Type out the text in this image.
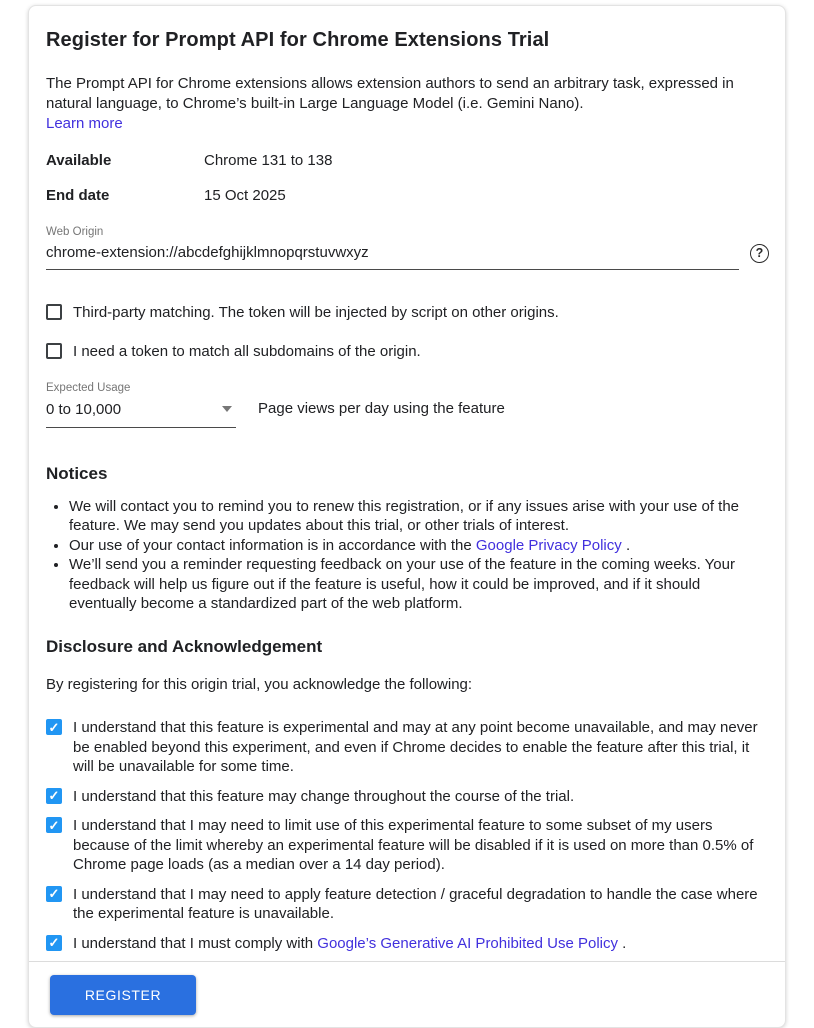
Register for Prompt API for Chrome Extensions Trial

The Prompt API for Chrome extensions allows extension authors to send an arbitrary task, expressed in natural language, to Chrome’s built-in Large Language Model (i.e. Gemini Nano).

Learn more
Available	Chrome 131 to 138
End date	15 Oct 2025
Web Origin
chrome-extension://abcdefghijklmnopqrstuvwxyz
?
Third-party matching. The token will be injected by script on other origins.
I need a token to match all subdomains of the origin.
Expected Usage
0 to 10,000	Page views per day using the feature
Notices
• We will contact you to remind you to renew this registration, or if any issues arise with your use of the feature. We may send you updates about this trial, or other trials of interest.
• Our use of your contact information is in accordance with the Google Privacy Policy .
• We’ll send you a reminder requesting feedback on your use of the feature in the coming weeks. Your feedback will help us figure out if the feature is useful, how it could be improved, and if it should eventually become a standardized part of the web platform.
Disclosure and Acknowledgement

By registering for this origin trial, you acknowledge the following:

✓
I understand that this feature is experimental and may at any point become unavailable, and may never be enabled beyond this experiment, and even if Chrome decides to enable the feature after this trial, it will be unavailable for some time.
✓
I understand that this feature may change throughout the course of the trial.
✓
I understand that I may need to limit use of this experimental feature to some subset of my users because of the limit whereby an experimental feature will be disabled if it is used on more than 0.5% of Chrome page loads (as a median over a 14 day period).
✓
I understand that I may need to apply feature detection / graceful degradation to handle the case where the experimental feature is unavailable.
✓
I understand that I must comply with Google’s Generative AI Prohibited Use Policy .
REGISTER
